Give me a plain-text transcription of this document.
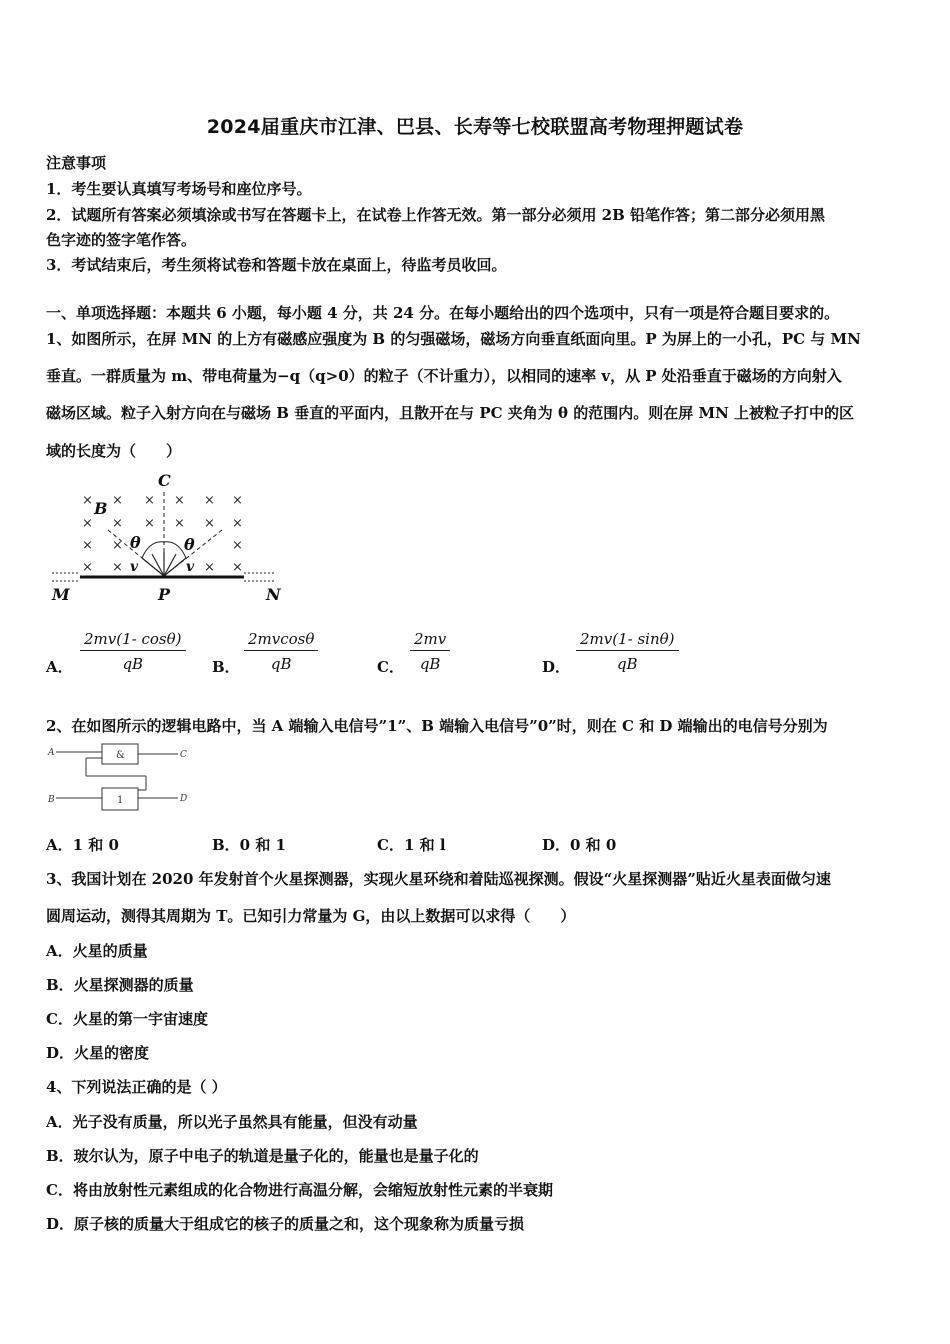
2024届重庆市江津、巴县、长寿等七校联盟高考物理押题试卷
注意事项
1．考生要认真填写考场号和座位序号。
2．试题所有答案必须填涂或书写在答题卡上，在试卷上作答无效。第一部分必须用 2B 铅笔作答；第二部分必须用黑
色字迹的签字笔作答。
3．考试结束后，考生须将试卷和答题卡放在桌面上，待监考员收回。
一、单项选择题：本题共 6 小题，每小题 4 分，共 24 分。在每小题给出的四个选项中，只有一项是符合题目要求的。
1、如图所示，在屏 MN 的上方有磁感应强度为 B 的匀强磁场，磁场方向垂直纸面向里。P 为屏上的一小孔，PC 与 MN
垂直。一群质量为 m、带电荷量为−q（q>0）的粒子（不计重力），以相同的速率 v，从 P 处沿垂直于磁场的方向射入
磁场区域。粒子入射方向在与磁场 B 垂直的平面内，且散开在与 PC 夹角为 θ 的范围内。则在屏 MN 上被粒子打中的区
域的长度为（　　）
× × × × × ×
× × × × × ×
× ×	×
× ×	× ×
C
B
θ	θ
v	v
M	P	N
A． $\frac{2mv(1- \cos\theta)}{qB}$ B． $\frac{2mvcos\theta}{qB}$	C． $\frac{2mv}{qB}$	D． $\frac{2mv(1- \sin\theta)}{qB}$
2、在如图所示的逻辑电路中，当 A 端输入电信号”1”、B 端输入电信号”0”时，则在 C 和 D 端输出的电信号分别为
A
B
C
D
&
1
A．1 和 0	B．0 和 1	C．1 和 l	D．0 和 0
3、我国计划在 2020 年发射首个火星探测器，实现火星环绕和着陆巡视探测。假设“火星探测器”贴近火星表面做匀速
圆周运动，测得其周期为 T。已知引力常量为 G，由以上数据可以求得（　　）
A．火星的质量
B．火星探测器的质量
C．火星的第一宇宙速度
D．火星的密度
4、下列说法正确的是（ ）
A．光子没有质量，所以光子虽然具有能量，但没有动量
B．玻尔认为，原子中电子的轨道是量子化的，能量也是量子化的
C．将由放射性元素组成的化合物进行高温分解，会缩短放射性元素的半衰期
D．原子核的质量大于组成它的核子的质量之和，这个现象称为质量亏损
